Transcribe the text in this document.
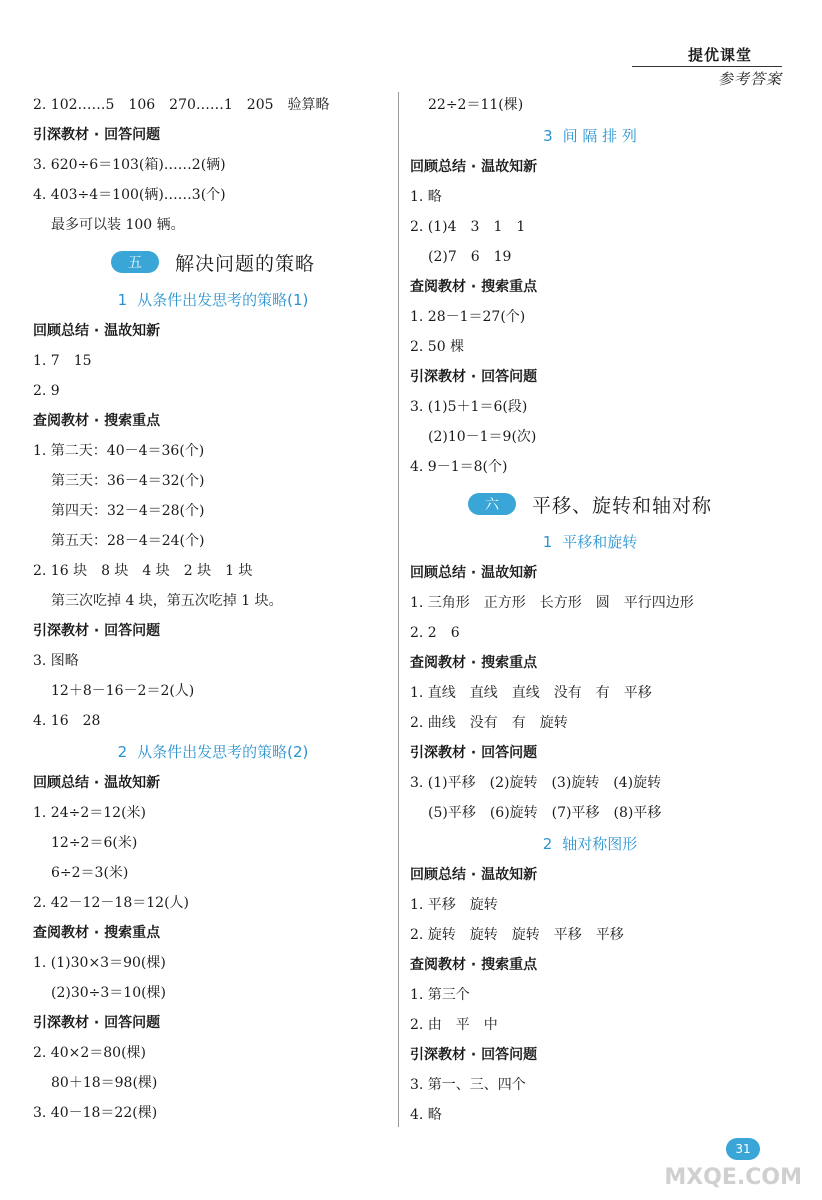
提优课堂
参考答案
2. 102……5　106　270……1　205　验算略
引深教材 · 回答问题
3. 620÷6＝103(箱)……2(辆)
4. 403÷4＝100(辆)……3(个)
最多可以装 100 辆。
五	解决问题的策略
1 从条件出发思考的策略(1)
回顾总结 · 温故知新
1. 7　15
2. 9
查阅教材 · 搜索重点
1. 第二天：40－4＝36(个)
第三天：36－4＝32(个)
第四天：32－4＝28(个)
第五天：28－4＝24(个)
2. 16 块　8 块　4 块　2 块　1 块
第三次吃掉 4 块，第五次吃掉 1 块。
引深教材 · 回答问题
3. 图略
12＋8－16－2＝2(人)
4. 16　28
2 从条件出发思考的策略(2)
回顾总结 · 温故知新
1. 24÷2＝12(米)
12÷2＝6(米)
6÷2＝3(米)
2. 42－12－18＝12(人)
查阅教材 · 搜索重点
1. (1)30×3＝90(棵)
(2)30÷3＝10(棵)
引深教材 · 回答问题
2. 40×2＝80(棵)
80＋18＝98(棵)
3. 40－18＝22(棵)
22÷2＝11(棵)
3 间 隔 排 列
回顾总结 · 温故知新
1. 略
2. (1)4　3　1　1
(2)7　6　19
查阅教材 · 搜索重点
1. 28－1＝27(个)
2. 50 棵
引深教材 · 回答问题
3. (1)5＋1＝6(段)
(2)10－1＝9(次)
4. 9－1＝8(个)
六	平移、旋转和轴对称
1 平移和旋转
回顾总结 · 温故知新
1. 三角形　正方形　长方形　圆　平行四边形
2. 2　6
查阅教材 · 搜索重点
1. 直线　直线　直线　没有　有　平移
2. 曲线　没有　有　旋转
引深教材 · 回答问题
3. (1)平移　(2)旋转　(3)旋转　(4)旋转
(5)平移　(6)旋转　(7)平移　(8)平移
2 轴对称图形
回顾总结 · 温故知新
1. 平移　旋转
2. 旋转　旋转　旋转　平移　平移
查阅教材 · 搜索重点
1. 第三个
2. 由　平　中
引深教材 · 回答问题
3. 第一、三、四个
4. 略
31
MXQE.COM
